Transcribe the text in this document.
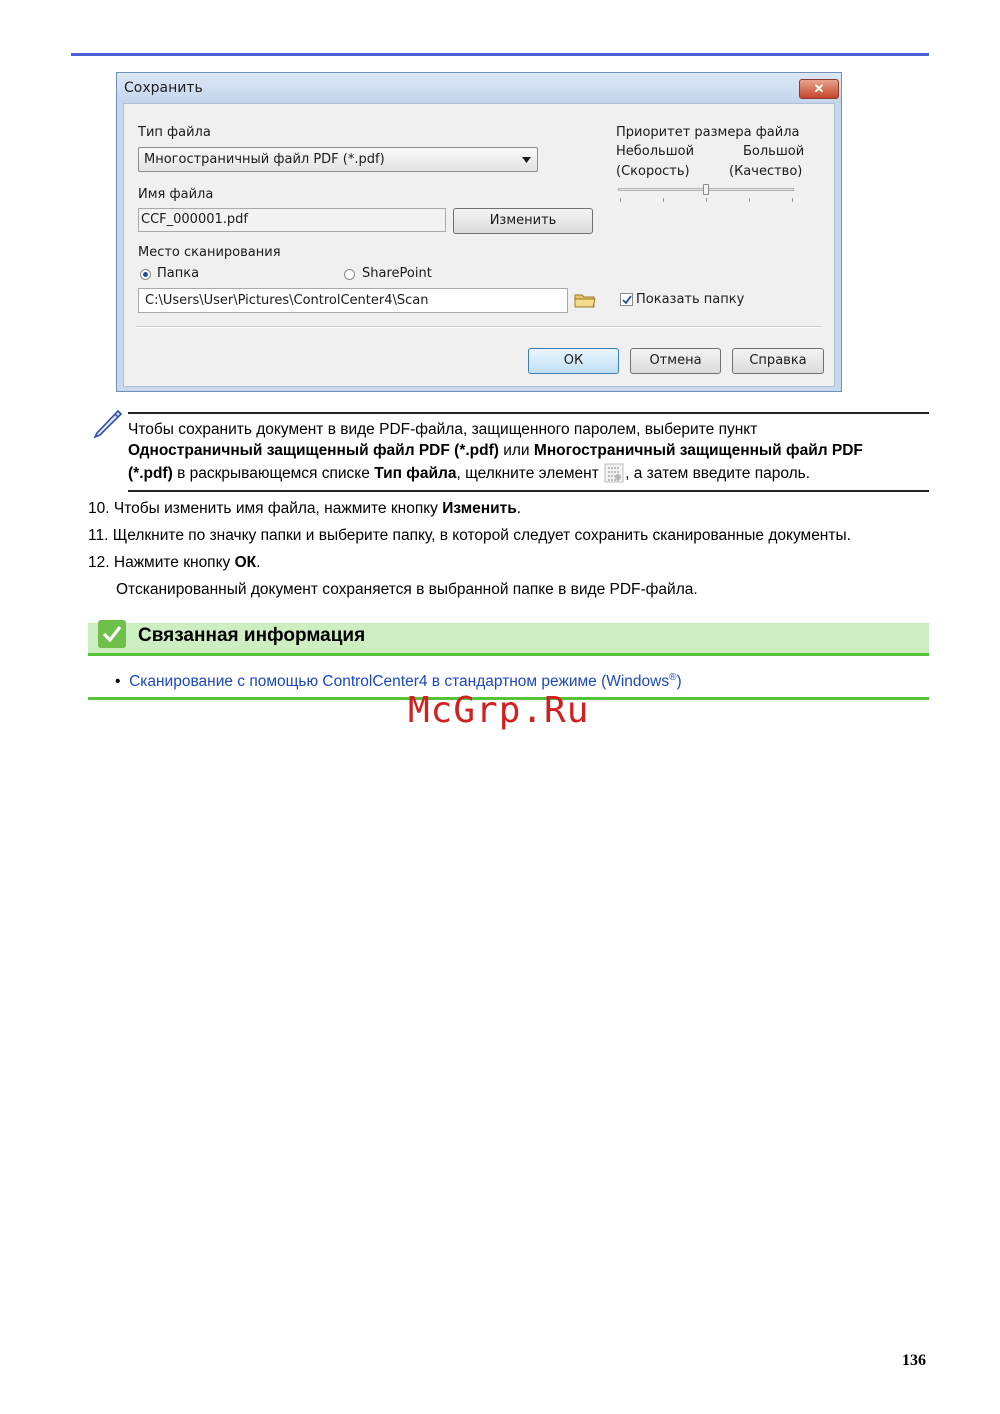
Сохранить	✕
Тип файла
Многостраничный файл PDF (*.pdf)
Имя файла
CCF_000001.pdf	Изменить
Место сканирования
Папка	SharePoint
C:\Users\User\Pictures\ControlCenter4\Scan	Показать папку
Приоритет размера файла
Небольшой	Большой
(Скорость)	(Качество)
ОК	Отмена	Справка
Чтобы сохранить документ в виде PDF-файла, защищенного паролем, выберите пункт
Одностраничный защищенный файл PDF (*.pdf) или Многостраничный защищенный файл PDF
(*.pdf) в раскрывающемся списке Тип файла, щелкните элемент , а затем введите пароль.
10. Чтобы изменить имя файла, нажмите кнопку Изменить.
11. Щелкните по значку папки и выберите папку, в которой следует сохранить сканированные документы.
12. Нажмите кнопку ОК.
Отсканированный документ сохраняется в выбранной папке в виде PDF-файла.
Связанная информация
• Сканирование с помощью ControlCenter4 в стандартном режиме (Windows®)
McGrp.Ru
136
